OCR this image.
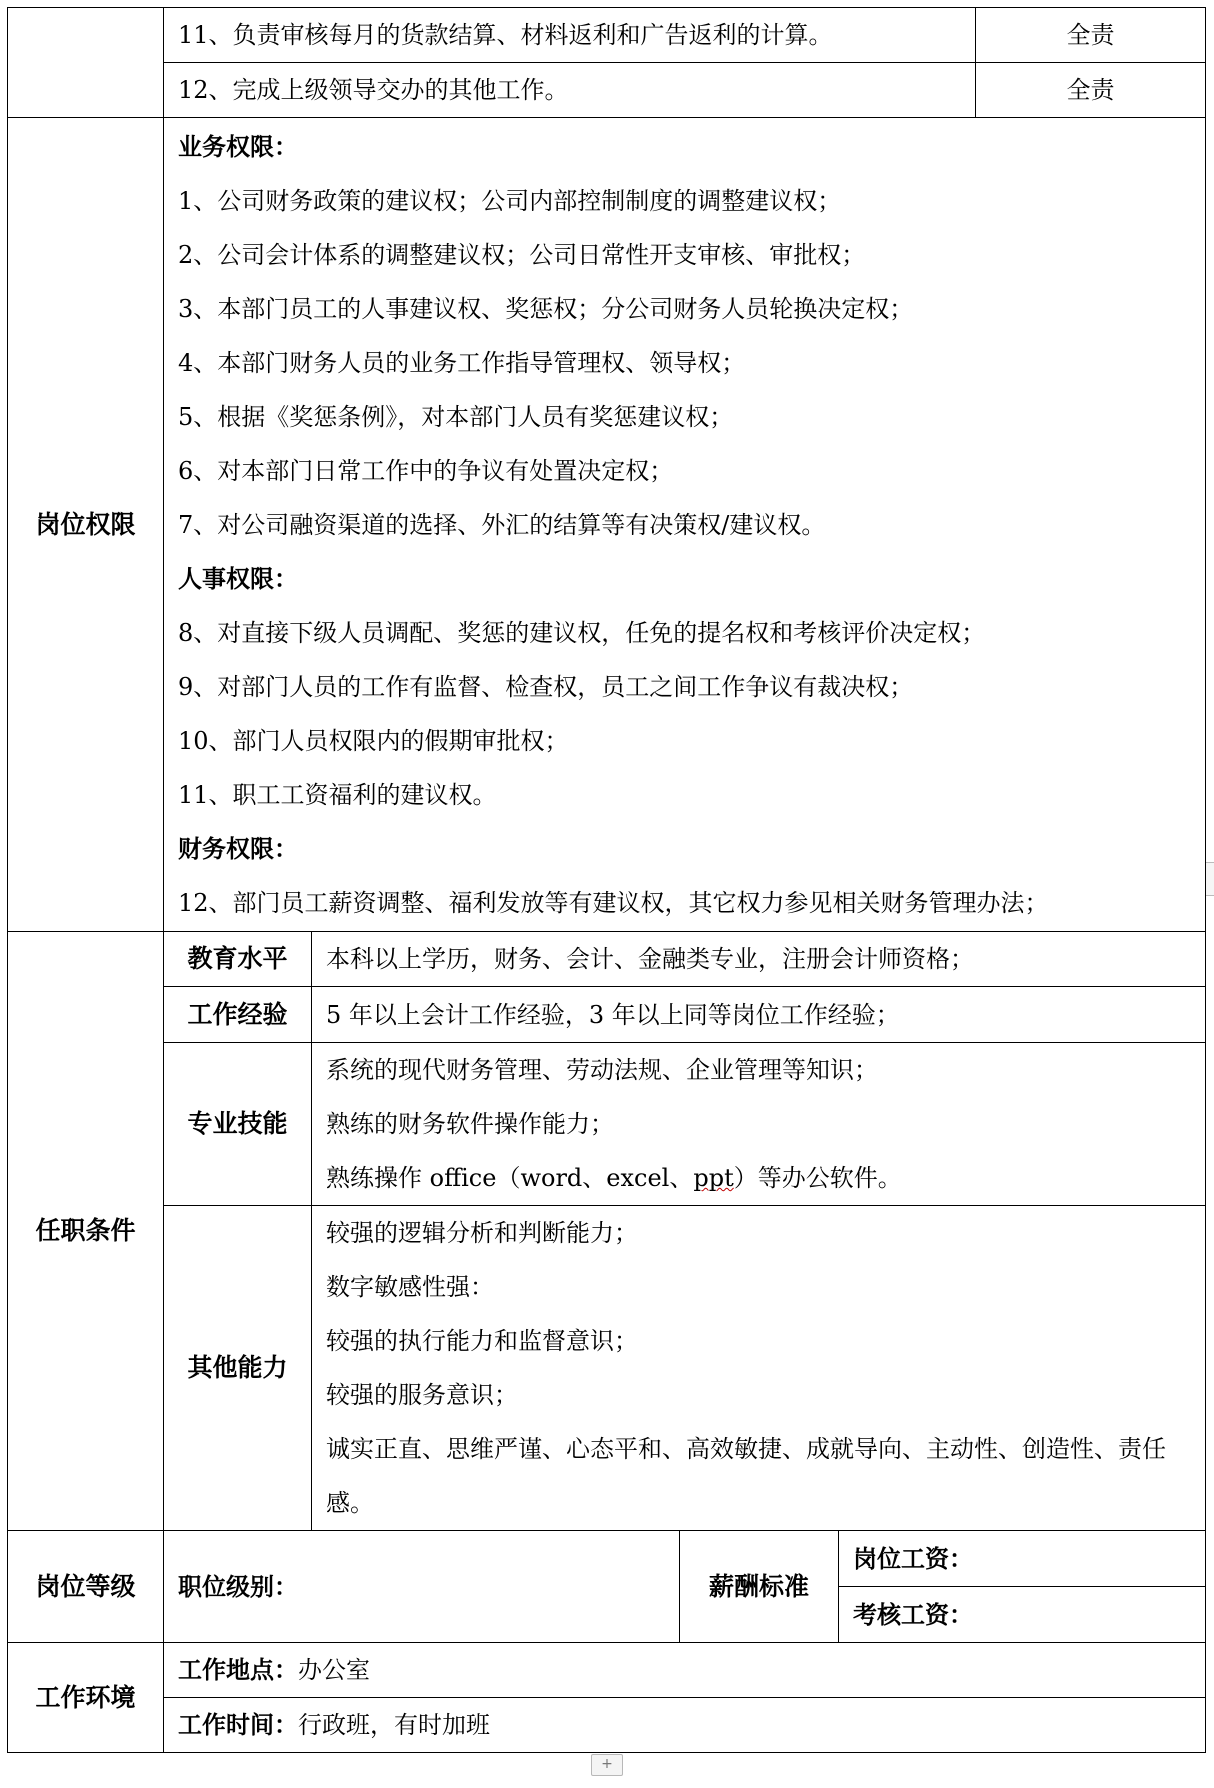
	11、负责审核每月的货款结算、材料返利和广告返利的计算。				全责
	12、完成上级领导交办的其他工作。				全责
岗位权限	
业务权限：
1、公司财务政策的建议权；公司内部控制制度的调整建议权；
2、公司会计体系的调整建议权；公司日常性开支审核、审批权；
3、本部门员工的人事建议权、奖惩权；分公司财务人员轮换决定权；
4、本部门财务人员的业务工作指导管理权、领导权；
5、根据《奖惩条例》，对本部门人员有奖惩建议权；
6、对本部门日常工作中的争议有处置决定权；
7、对公司融资渠道的选择、外汇的结算等有决策权/建议权。
人事权限：
8、对直接下级人员调配、奖惩的建议权，任免的提名权和考核评价决定权；
9、对部门人员的工作有监督、检查权，员工之间工作争议有裁决权；
10、部门人员权限内的假期审批权；
11、职工工资福利的建议权。
财务权限：
12、部门员工薪资调整、福利发放等有建议权，其它权力参见相关财务管理办法；

任职条件	教育水平	本科以上学历，财务、会计、金融类专业，注册会计师资格；			
	工作经验	5 年以上会计工作经验，3 年以上同等岗位工作经验；			
	专业技能	系统的现代财务管理、劳动法规、企业管理等知识；
熟练的财务软件操作能力；
熟练操作 office（word、excel、ppt）等办公软件。			

	其他能力	较强的逻辑分析和判断能力；
数字敏感性强：
较强的执行能力和监督意识；
较强的服务意识；
诚实正直、思维严谨、心态平和、高效敏捷、成就导向、主动性、创造性、责任感。			

岗位等级	职位级别：		薪酬标准	岗位工资：	
				考核工资：	
工作环境	工作地点：办公室				
	工作时间：行政班，有时加班				
+
